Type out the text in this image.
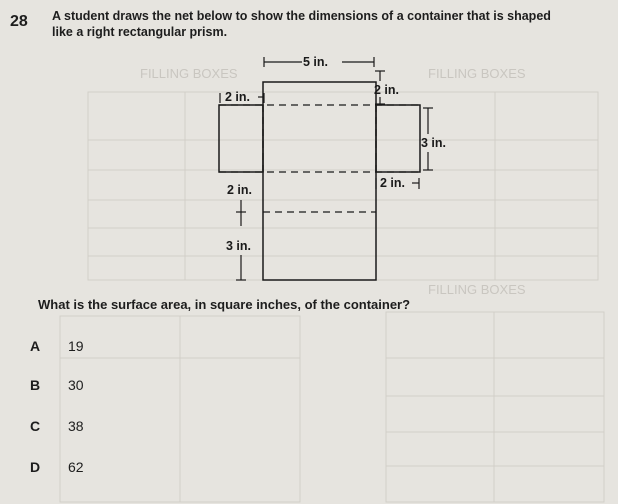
FILLING BOXES	FILLING BOXES
FILLING BOXES
28 A student draws the net below to show the dimensions of a container that is shaped like a right rectangular prism.
5 in.
2 in.
2 in.
3 in.
2 in.
2 in.
3 in.
What is the surface area, in square inches, of the container?
A 19
B 30
C 38
D 62
